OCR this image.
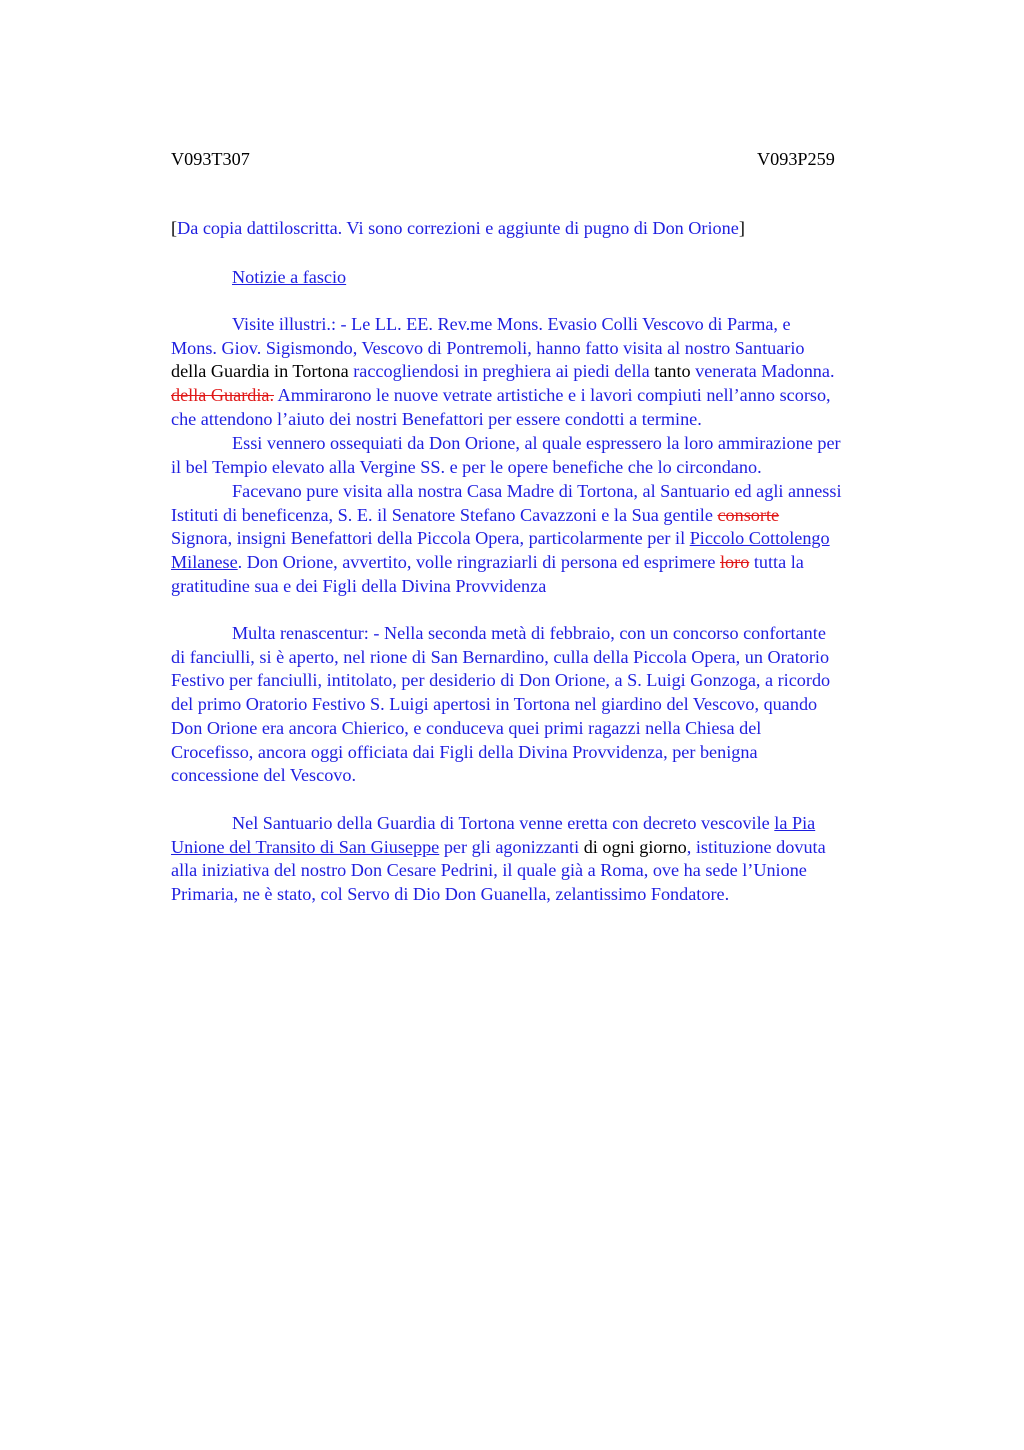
V093T307	V093P259
[Da copia dattiloscritta. Vi sono correzioni e aggiunte di pugno di Don Orione]
Notizie a fascio
Visite illustri.: - Le LL. EE. Rev.me Mons. Evasio Colli Vescovo di Parma, e
Mons. Giov. Sigismondo, Vescovo di Pontremoli, hanno fatto visita al nostro Santuario
della Guardia in Tortona raccogliendosi in preghiera ai piedi della tanto venerata Madonna.
della Guardia. Ammirarono le nuove vetrate artistiche e i lavori compiuti nell’anno scorso,
che attendono l’aiuto dei nostri Benefattori per essere condotti a termine.
Essi vennero ossequiati da Don Orione, al quale espressero la loro ammirazione per
il bel Tempio elevato alla Vergine SS. e per le opere benefiche che lo circondano.
Facevano pure visita alla nostra Casa Madre di Tortona, al Santuario ed agli annessi
Istituti di beneficenza, S. E. il Senatore Stefano Cavazzoni e la Sua gentile consorte
Signora, insigni Benefattori della Piccola Opera, particolarmente per il Piccolo Cottolengo
Milanese. Don Orione, avvertito, volle ringraziarli di persona ed esprimere loro tutta la
gratitudine sua e dei Figli della Divina Provvidenza
Multa renascentur: - Nella seconda metà di febbraio, con un concorso confortante
di fanciulli, si è aperto, nel rione di San Bernardino, culla della Piccola Opera, un Oratorio
Festivo per fanciulli, intitolato, per desiderio di Don Orione, a S. Luigi Gonzoga, a ricordo
del primo Oratorio Festivo S. Luigi apertosi in Tortona nel giardino del Vescovo, quando
Don Orione era ancora Chierico, e conduceva quei primi ragazzi nella Chiesa del
Crocefisso, ancora oggi officiata dai Figli della Divina Provvidenza, per benigna
concessione del Vescovo.
Nel Santuario della Guardia di Tortona venne eretta con decreto vescovile la Pia
Unione del Transito di San Giuseppe per gli agonizzanti di ogni giorno, istituzione dovuta
alla iniziativa del nostro Don Cesare Pedrini, il quale già a Roma, ove ha sede l’Unione
Primaria, ne è stato, col Servo di Dio Don Guanella, zelantissimo Fondatore.
